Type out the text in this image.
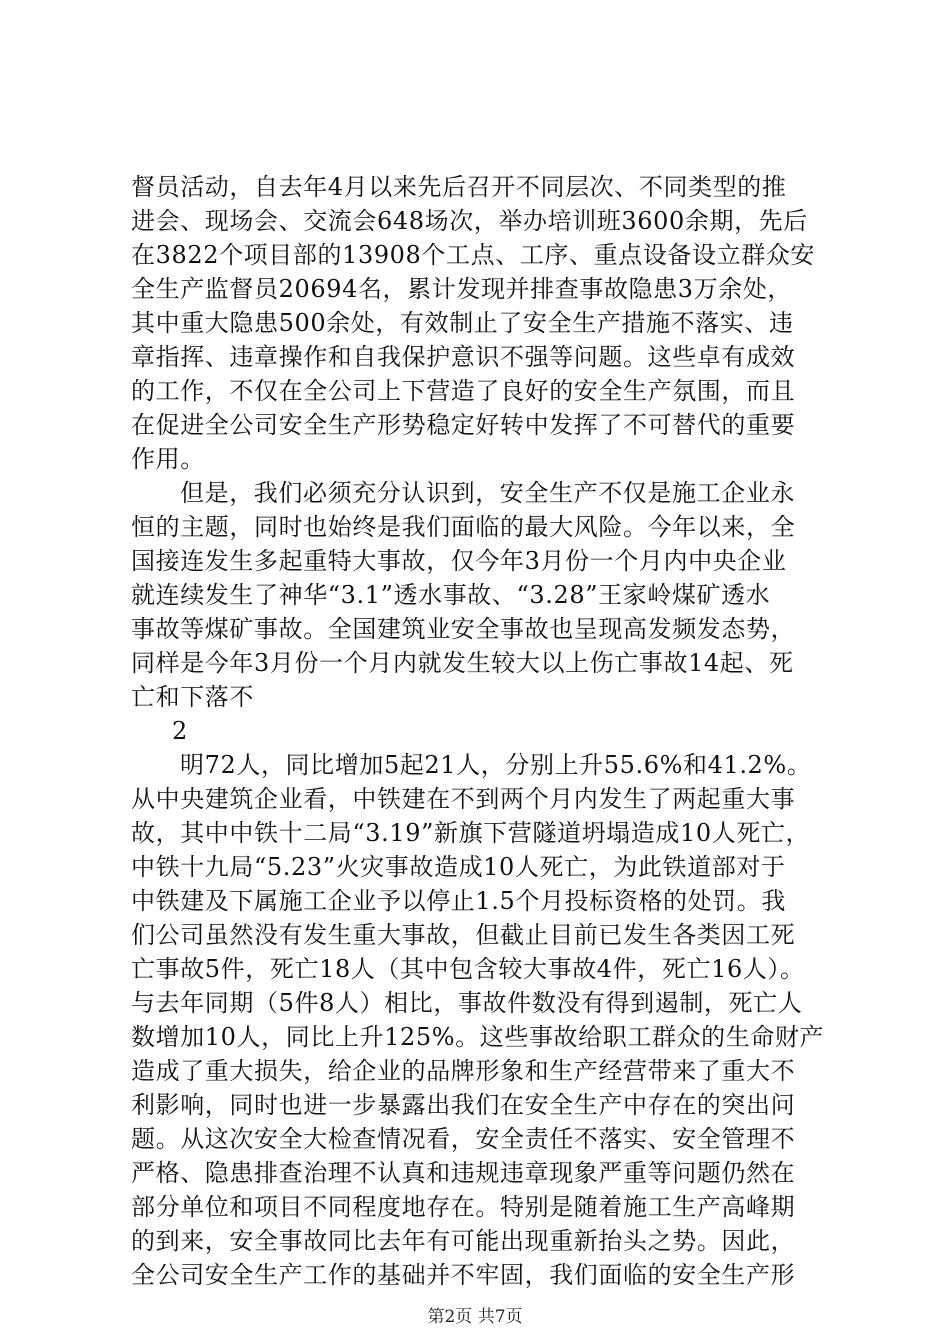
督员活动，自去年4月以来先后召开不同层次、不同类型的推
进会、现场会、交流会648场次，举办培训班3600余期，先后
在3822个项目部的13908个工点、工序、重点设备设立群众安
全生产监督员20694名，累计发现并排查事故隐患3万余处，
其中重大隐患500余处，有效制止了安全生产措施不落实、违
章指挥、违章操作和自我保护意识不强等问题。这些卓有成效
的工作，不仅在全公司上下营造了良好的安全生产氛围，而且
在促进全公司安全生产形势稳定好转中发挥了不可替代的重要
作用。
但是，我们必须充分认识到，安全生产不仅是施工企业永
恒的主题，同时也始终是我们面临的最大风险。今年以来，全
国接连发生多起重特大事故，仅今年3月份一个月内中央企业
就连续发生了神华“3.1”透水事故、“3.28”王家岭煤矿透水
事故等煤矿事故。全国建筑业安全事故也呈现高发频发态势，
同样是今年3月份一个月内就发生较大以上伤亡事故14起、死
亡和下落不
2
明72人，同比增加5起21人，分别上升55.6%和41.2%。
从中央建筑企业看，中铁建在不到两个月内发生了两起重大事
故，其中中铁十二局“3.19”新旗下营隧道坍塌造成10人死亡，
中铁十九局“5.23”火灾事故造成10人死亡，为此铁道部对于
中铁建及下属施工企业予以停止1.5个月投标资格的处罚。我
们公司虽然没有发生重大事故，但截止目前已发生各类因工死
亡事故5件，死亡18人（其中包含较大事故4件，死亡16人）。
与去年同期（5件8人）相比，事故件数没有得到遏制，死亡人
数增加10人，同比上升125%。这些事故给职工群众的生命财产
造成了重大损失，给企业的品牌形象和生产经营带来了重大不
利影响，同时也进一步暴露出我们在安全生产中存在的突出问
题。从这次安全大检查情况看，安全责任不落实、安全管理不
严格、隐患排查治理不认真和违规违章现象严重等问题仍然在
部分单位和项目不同程度地存在。特别是随着施工生产高峰期
的到来，安全事故同比去年有可能出现重新抬头之势。因此，
全公司安全生产工作的基础并不牢固，我们面临的安全生产形
第2页 共7页
